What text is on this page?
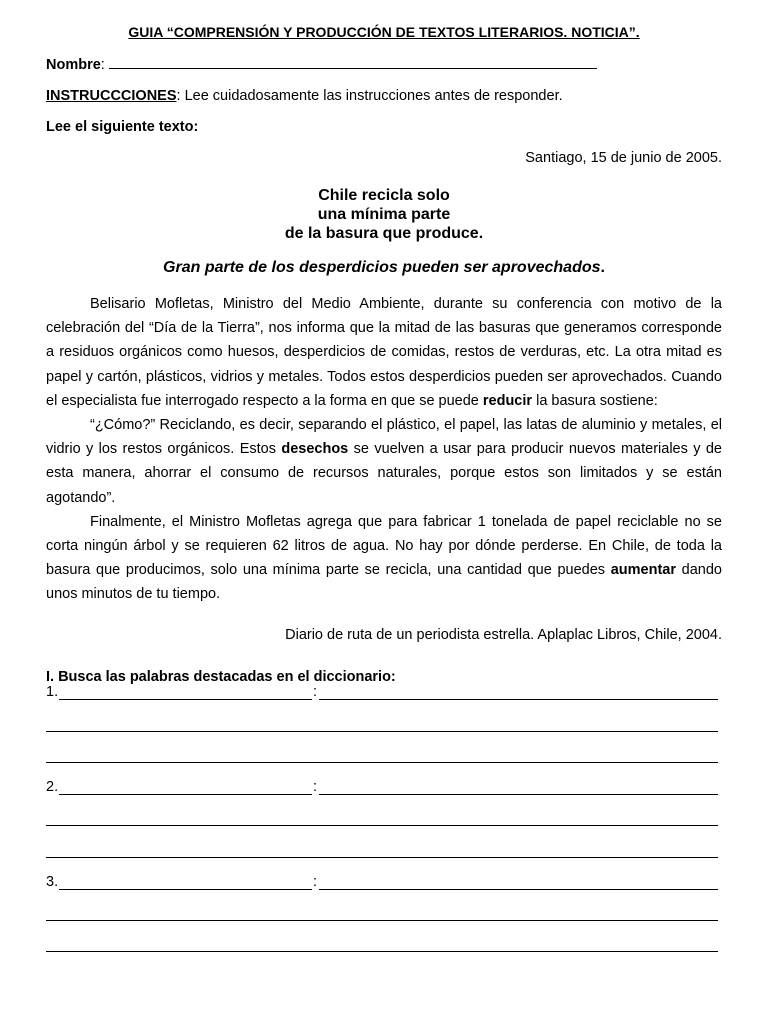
GUIA “COMPRENSIÓN Y PRODUCCIÓN DE TEXTOS LITERARIOS. NOTICIA”.
Nombre:
INSTRUCCCIONES: Lee cuidadosamente las instrucciones antes de responder.
Lee el siguiente texto:
Santiago, 15 de junio de 2005.
Chile recicla solo
una mínima parte
de la basura que produce.
Gran parte de los desperdicios pueden ser aprovechados.

Belisario Mofletas, Ministro del Medio Ambiente, durante su conferencia con motivo de la celebración del “Día de la Tierra”, nos informa que la mitad de las basuras que generamos corresponde a residuos orgánicos como huesos, desperdicios de comidas, restos de verduras, etc. La otra mitad es papel y cartón, plásticos, vidrios y metales. Todos estos desperdicios pueden ser aprovechados. Cuando el especialista fue interrogado respecto a la forma en que se puede reducir la basura sostiene:

“¿Cómo?” Reciclando, es decir, separando el plástico, el papel, las latas de aluminio y metales, el vidrio y los restos orgánicos. Estos desechos se vuelven a usar para producir nuevos materiales y de esta manera, ahorrar el consumo de recursos naturales, porque estos son limitados y se están agotando”.

Finalmente, el Ministro Mofletas agrega que para fabricar 1 tonelada de papel reciclable no se corta ningún árbol y se requieren 62 litros de agua. No hay por dónde perderse. En Chile, de toda la basura que producimos, solo una mínima parte se recicla, una cantidad que puedes aumentar dando unos minutos de tu tiempo.

Diario de ruta de un periodista estrella. Aplaplac Libros, Chile, 2004.
I. Busca las palabras destacadas en el diccionario:
1.	:
2.	:
3.	:
